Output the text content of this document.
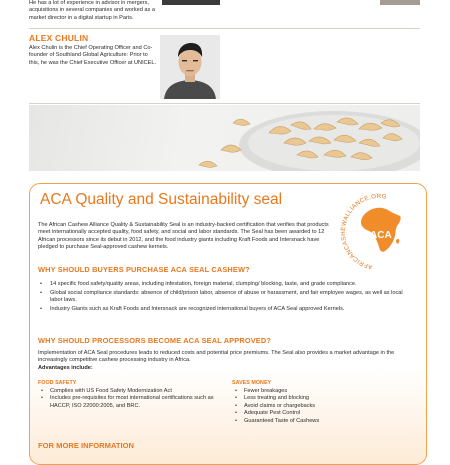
He has a lot of experience in advisor in mergers, acquisitions in several companies and worked as a market director in a digital startup in Paris.
ALEX CHULIN
Alex Chulin is the Chief Operating Officer and Co-founder of Southland Global Agriculture: Prior to this, he was the Chief Executive Officer at UNICEL.
ACA Quality and Sustainability seal
The African Cashew Alliance Quality & Sustainability Seal is an industry-backed certification that verifies that products meet internationally accepted quality, food safety, and social and labor standards. The Seal has been awarded to 12 African processors since its debut in 2012, and the food industry giants including Kraft Foods and Intersnack have pledged to purchase Seal-approved cashew kernels.
AFRICANCASHEWALLIANCE.ORG
ACA
WHY SHOULD BUYERS PURCHASE ACA SEAL CASHEW?
• 14 specific food safety/quality areas, including infestation, foreign material, clumping/ blocking, taste, and grade compliance.
• Global social compliance standards: absence of child/prison labor, absence of abuse or harassment, and fair employee wages, as well as local labor laws.
• Industry Giants such as Kraft Foods and Intersnack are recognized international buyers of ACA Seal approved Kernels.
WHY SHOULD PROCESSORS BECOME ACA SEAL APPROVED?
Implementation of ACA Seal procedures leads to reduced costs and potential price premiums. The Seal also provides a market advantage in the increasingly competitive cashew processing industry in Africa.
Advantages include:
FOOD SAFETY
• Complies with US Food Safety Modernization Act
• Includes pre-requisites for most international certifications such as HACCP, ISO 22000:2005, and BRC.
SAVES MONEY
• Fewer breakages
• Less treating and blocking
• Avoid claims or chargebacks
• Adequate Pest Control
• Guaranteed Taste of Cashews
FOR MORE INFORMATION
